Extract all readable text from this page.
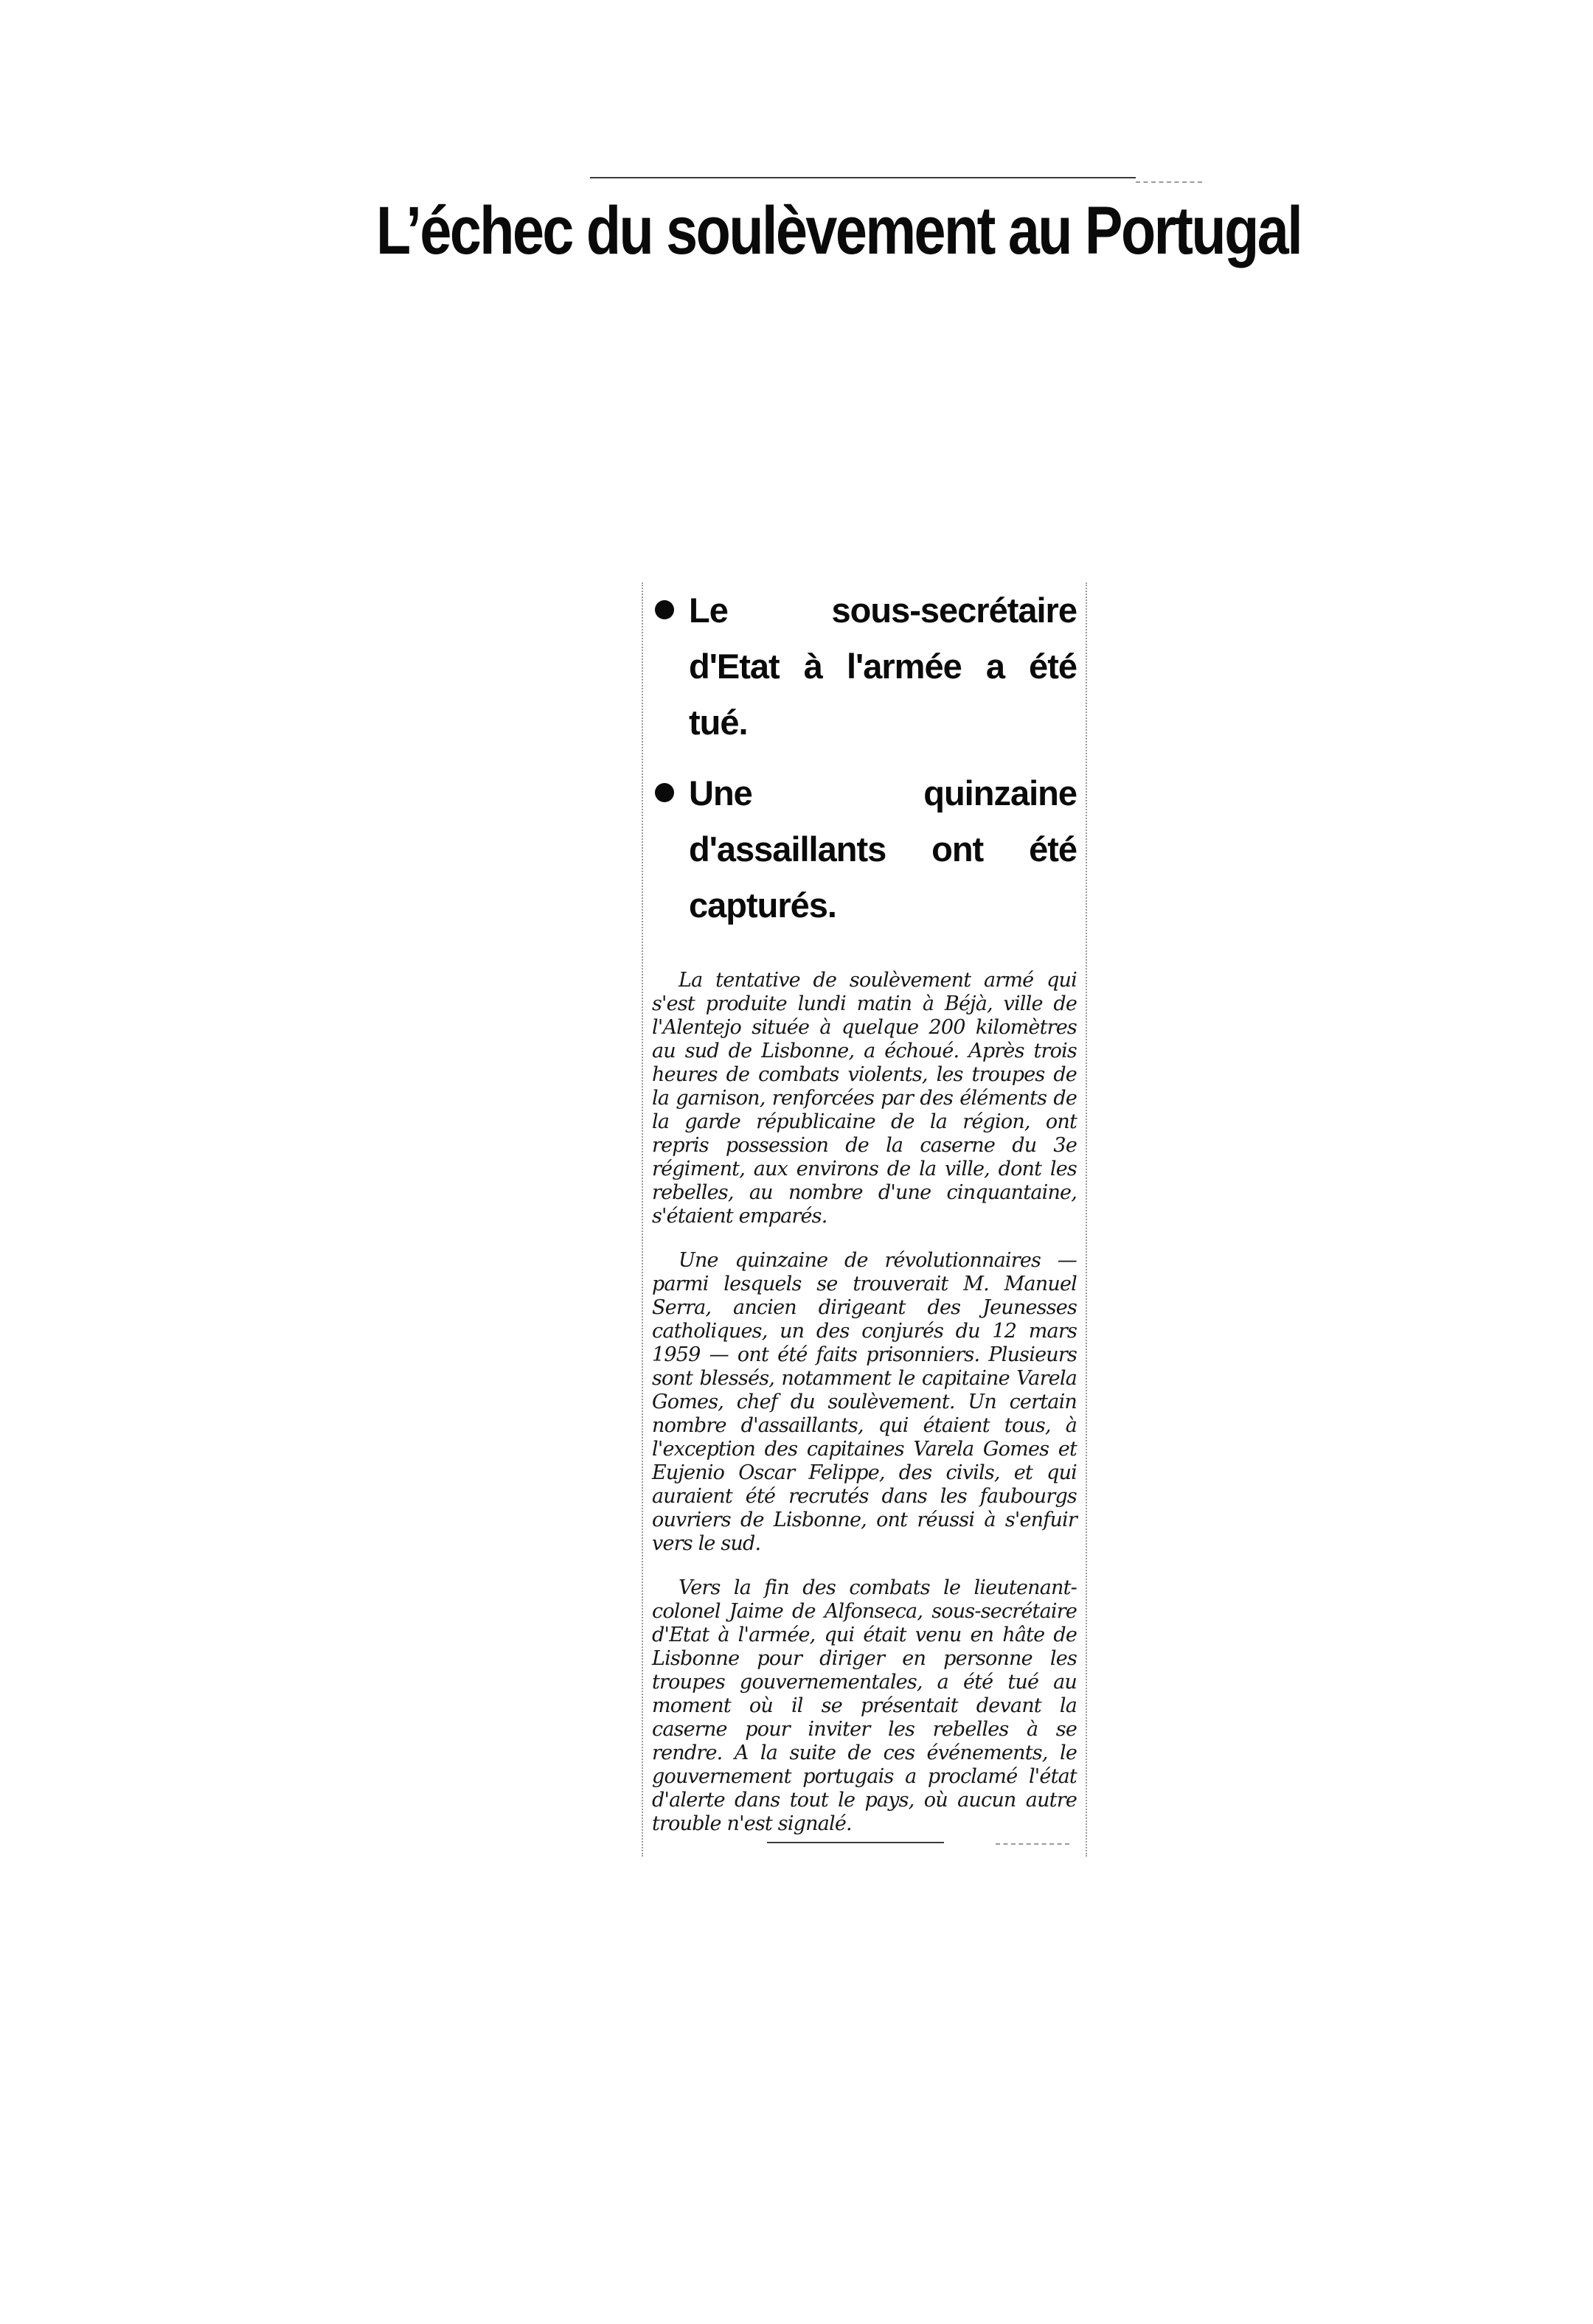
L’échec du soulèvement au Portugal
Le sous-secrétaire d'Etat à l'armée a été tué.
Une quinzaine d'assaillants ont été capturés.

La tentative de soulèvement armé qui s'est produite lundi matin à Béjà, ville de l'Alentejo située à quelque 200 kilomètres au sud de Lisbonne, a échoué. Après trois heures de combats violents, les troupes de la garnison, renforcées par des éléments de la garde républicaine de la région, ont repris possession de la caserne du 3e régiment, aux environs de la ville, dont les rebelles, au nombre d'une cinquantaine, s'étaient emparés.

Une quinzaine de révolutionnaires — parmi lesquels se trouverait M. Manuel Serra, ancien dirigeant des Jeunesses catholiques, un des conjurés du 12 mars 1959 — ont été faits prisonniers. Plusieurs sont blessés, notamment le capitaine Varela Gomes, chef du soulèvement. Un certain nombre d'assaillants, qui étaient tous, à l'exception des capitaines Varela Gomes et Eujenio Oscar Felippe, des civils, et qui auraient été recrutés dans les faubourgs ouvriers de Lisbonne, ont réussi à s'enfuir vers le sud.

Vers la fin des combats le lieutenant-colonel Jaime de Alfonseca, sous-secrétaire d'Etat à l'armée, qui était venu en hâte de Lisbonne pour diriger en personne les troupes gouvernementales, a été tué au moment où il se présentait devant la caserne pour inviter les rebelles à se rendre. A la suite de ces événements, le gouvernement portugais a proclamé l'état d'alerte dans tout le pays, où aucun autre trouble n'est signalé.
